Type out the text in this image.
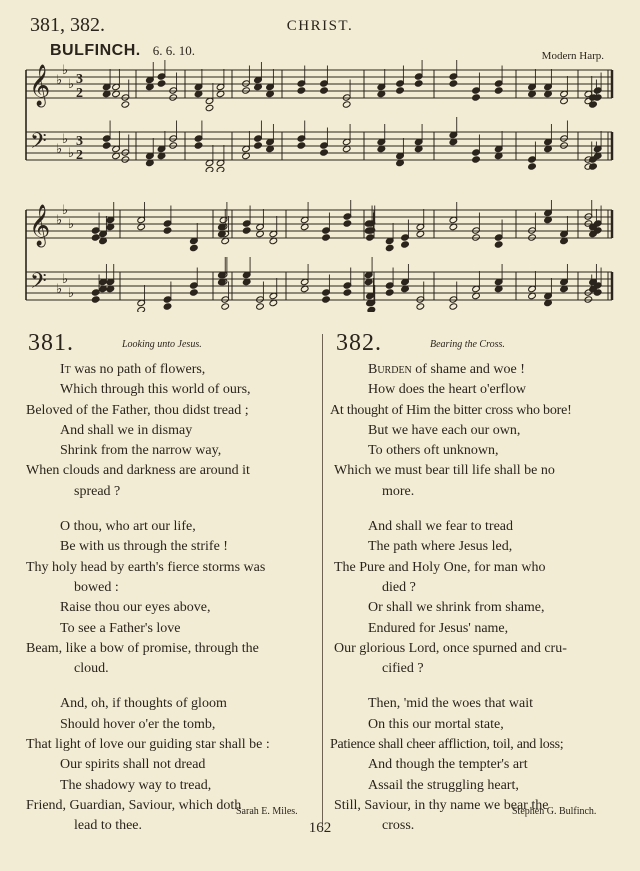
381, 382.	CHRIST.
BULFINCH. 6. 6. 10.	Modern Harp.
𝄞
𝄢
♭
♭
♭
♭
♭
♭
3
2
3
2
𝄞
𝄢
♭
♭
♭
♭
♭
♭
381.	Looking unto Jesus.
It was no path of flowers,
Which through this world of ours,
Beloved of the Father, thou didst tread ;
And shall we in dismay
Shrink from the narrow way,
When clouds and darkness are around it
spread ?
O thou, who art our life,
Be with us through the strife !
Thy holy head by earth's fierce storms was
bowed :
Raise thou our eyes above,
To see a Father's love
Beam, like a bow of promise, through the
cloud.
And, oh, if thoughts of gloom
Should hover o'er the tomb,
That light of love our guiding star shall be :
Our spirits shall not dread
The shadowy way to tread,
Friend, Guardian, Saviour, which doth
lead to thee.
382.	Bearing the Cross.
Burden of shame and woe !
How does the heart o'erflow
At thought of Him the bitter cross who bore!
But we have each our own,
To others oft unknown,
Which we must bear till life shall be no
more.
And shall we fear to tread
The path where Jesus led,
The Pure and Holy One, for man who
died ?
Or shall we shrink from shame,
Endured for Jesus' name,
Our glorious Lord, once spurned and cru-
cified ?
Then, 'mid the woes that wait
On this our mortal state,
Patience shall cheer affliction, toil, and loss;
And though the tempter's art
Assail the struggling heart,
Still, Saviour, in thy name we bear the
cross.
Sarah E. Miles.	Stephen G. Bulfinch.
162
